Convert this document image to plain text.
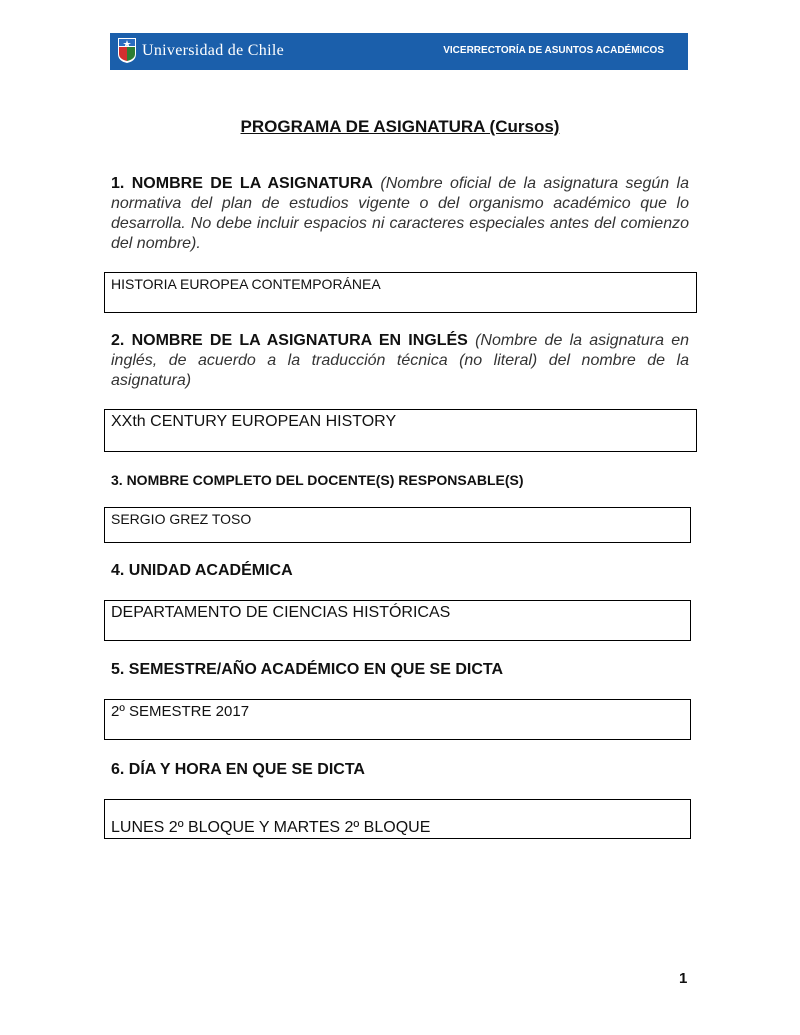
Universidad de Chile	VICERRECTORÍA DE ASUNTOS ACADÉMICOS
PROGRAMA DE ASIGNATURA (Cursos)
1. NOMBRE DE LA ASIGNATURA (Nombre oficial de la asignatura según la normativa del plan de estudios vigente o del organismo académico que lo desarrolla. No debe incluir espacios ni caracteres especiales antes del comienzo del nombre).
HISTORIA EUROPEA CONTEMPORÁNEA
2. NOMBRE DE LA ASIGNATURA EN INGLÉS (Nombre de la asignatura en inglés, de acuerdo a la traducción técnica (no literal) del nombre de la asignatura)
XXth CENTURY EUROPEAN HISTORY
3. NOMBRE COMPLETO DEL DOCENTE(S) RESPONSABLE(S)
SERGIO GREZ TOSO
4. UNIDAD ACADÉMICA
DEPARTAMENTO DE CIENCIAS HISTÓRICAS
5. SEMESTRE/AÑO ACADÉMICO EN QUE SE DICTA
2º SEMESTRE 2017
6. DÍA Y HORA EN QUE SE DICTA
LUNES 2º BLOQUE Y MARTES 2º BLOQUE
1
